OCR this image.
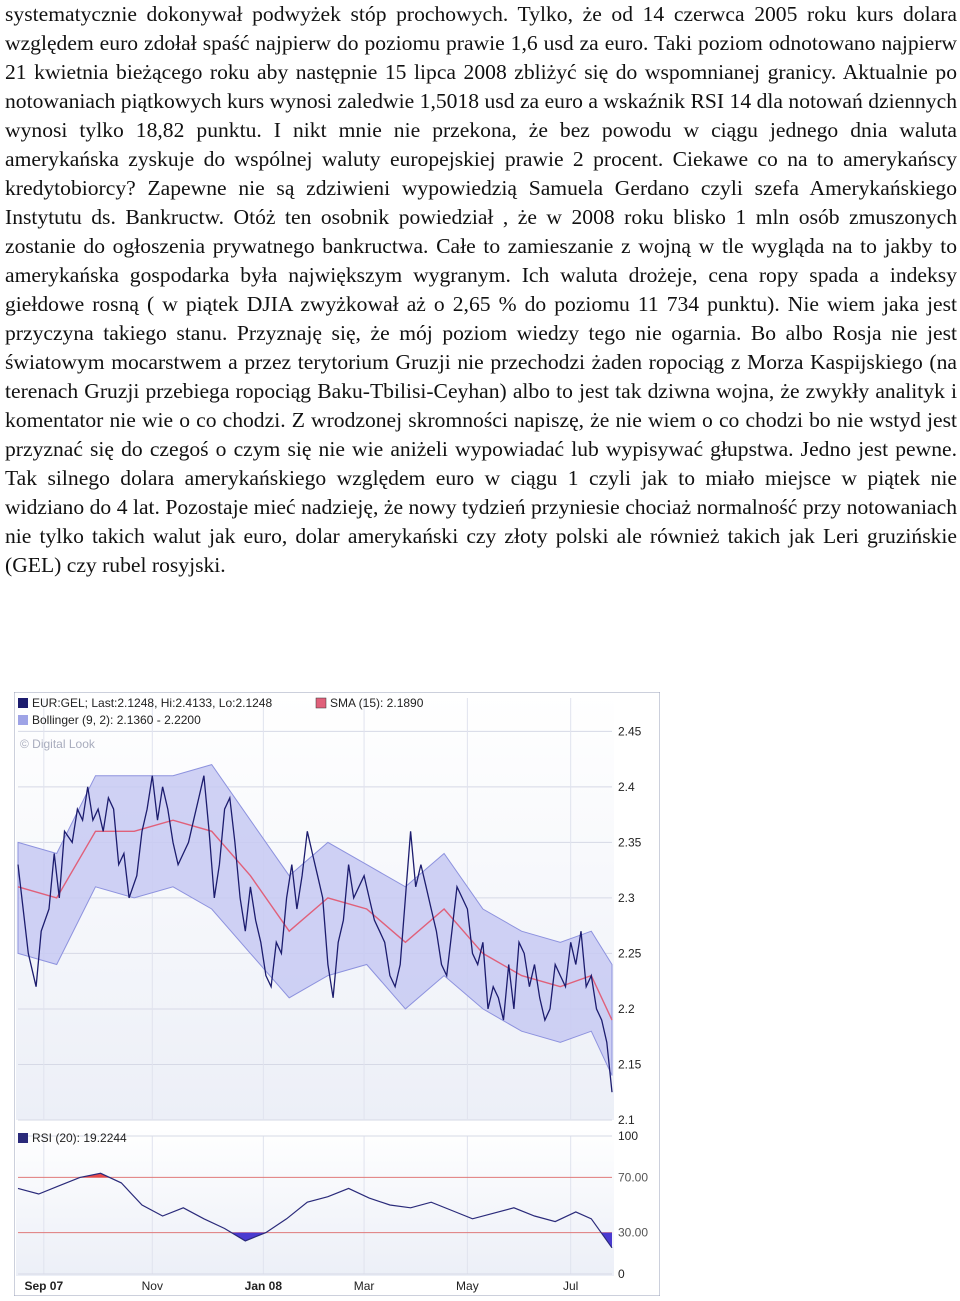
systematycznie dokonywał podwyżek stóp prochowych. Tylko, że od 14 czerwca 2005 roku kurs dolara względem euro zdołał spaść najpierw do poziomu prawie 1,6 usd za euro. Taki poziom odnotowano najpierw 21 kwietnia bieżącego roku aby następnie 15 lipca 2008 zbliżyć się do wspomnianej granicy. Aktualnie po notowaniach piątkowych kurs wynosi zaledwie 1,5018 usd za euro a wskaźnik RSI 14 dla notowań dziennych wynosi tylko 18,82 punktu. I nikt mnie nie przekona, że bez powodu w ciągu jednego dnia waluta amerykańska zyskuje do wspólnej waluty europejskiej prawie 2 procent. Ciekawe co na to amerykańscy kredytobiorcy? Zapewne nie są zdziwieni wypowiedzią Samuela Gerdano czyli szefa Amerykańskiego Instytutu ds. Bankructw. Otóż ten osobnik powiedział , że w 2008 roku blisko 1 mln osób zmuszonych zostanie do ogłoszenia prywatnego bankructwa. Całe to zamieszanie z wojną w tle wygląda na to jakby to amerykańska gospodarka była największym wygranym. Ich waluta drożeje, cena ropy spada a indeksy giełdowe rosną ( w piątek DJIA zwyżkował aż o 2,65 % do poziomu 11 734 punktu). Nie wiem jaka jest przyczyna takiego stanu. Przyznaję się, że mój poziom wiedzy tego nie ogarnia. Bo albo Rosja nie jest światowym mocarstwem a przez terytorium Gruzji nie przechodzi żaden ropociąg z Morza Kaspijskiego (na terenach Gruzji przebiega ropociąg Baku-Tbilisi-Ceyhan) albo to jest tak dziwna wojna, że zwykły analityk i komentator nie wie o co chodzi. Z wrodzonej skromności napiszę, że nie wiem o co chodzi bo nie wstyd jest przyznać się do czegoś o czym się nie wie aniżeli wypowiadać lub wypisywać głupstwa. Jedno jest pewne. Tak silnego dolara amerykańskiego względem euro w ciągu 1 czyli jak to miało miejsce w piątek nie widziano do 4 lat. Pozostaje mieć nadzieję, że nowy tydzień przyniesie chociaż normalność przy notowaniach nie tylko takich walut jak euro, dolar amerykański czy złoty polski ale również takich jak Leri gruzińskie (GEL) czy rubel rosyjski.

2.45
2.4
2.35
2.3
2.25
2.2
2.15
2.1
100
70.00
30.00
0
Sep 07	Nov	Jan 08	Mar	May	Jul
EUR:GEL; Last:2.1248, Hi:2.4133, Lo:2.1248	SMA (15): 2.1890
Bollinger (9, 2): 2.1360 - 2.2200
© Digital Look
RSI (20): 19.2244
